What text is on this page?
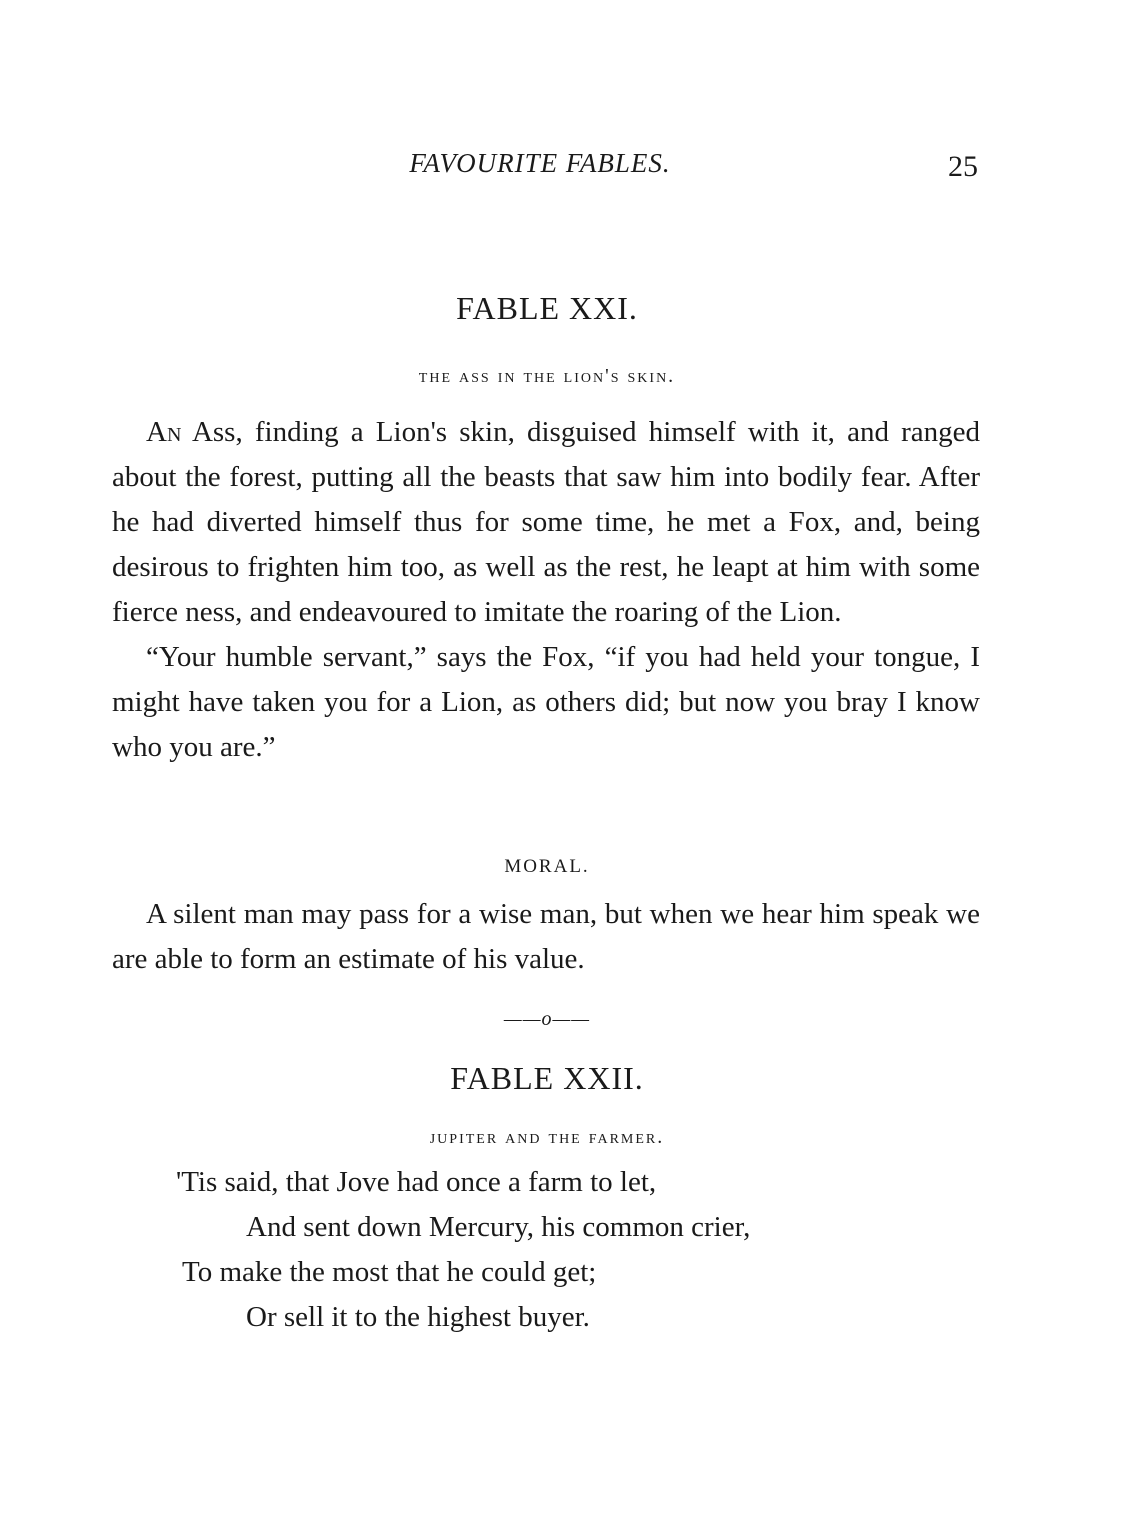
FAVOURITE FABLES.	25
FABLE XXI.
the ass in the lion's skin.

An Ass, finding a Lion's skin, disguised himself with it, and ranged about the forest, putting all the beasts that saw him into bodily fear. After he had diverted himself thus for some time, he met a Fox, and, being desirous to frighten him too, as well as the rest, he leapt at him with some fierce ness, and endeavoured to imitate the roaring of the Lion.

“Your humble servant,” says the Fox, “if you had held your tongue, I might have taken you for a Lion, as others did; but now you bray I know who you are.”

MORAL.

A silent man may pass for a wise man, but when we hear him speak we are able to form an estimate of his value.

——o——
FABLE XXII.
jupiter and the farmer.
'Tis said, that Jove had once a farm to let,
And sent down Mercury, his common crier,
To make the most that he could get;
Or sell it to the highest buyer.
